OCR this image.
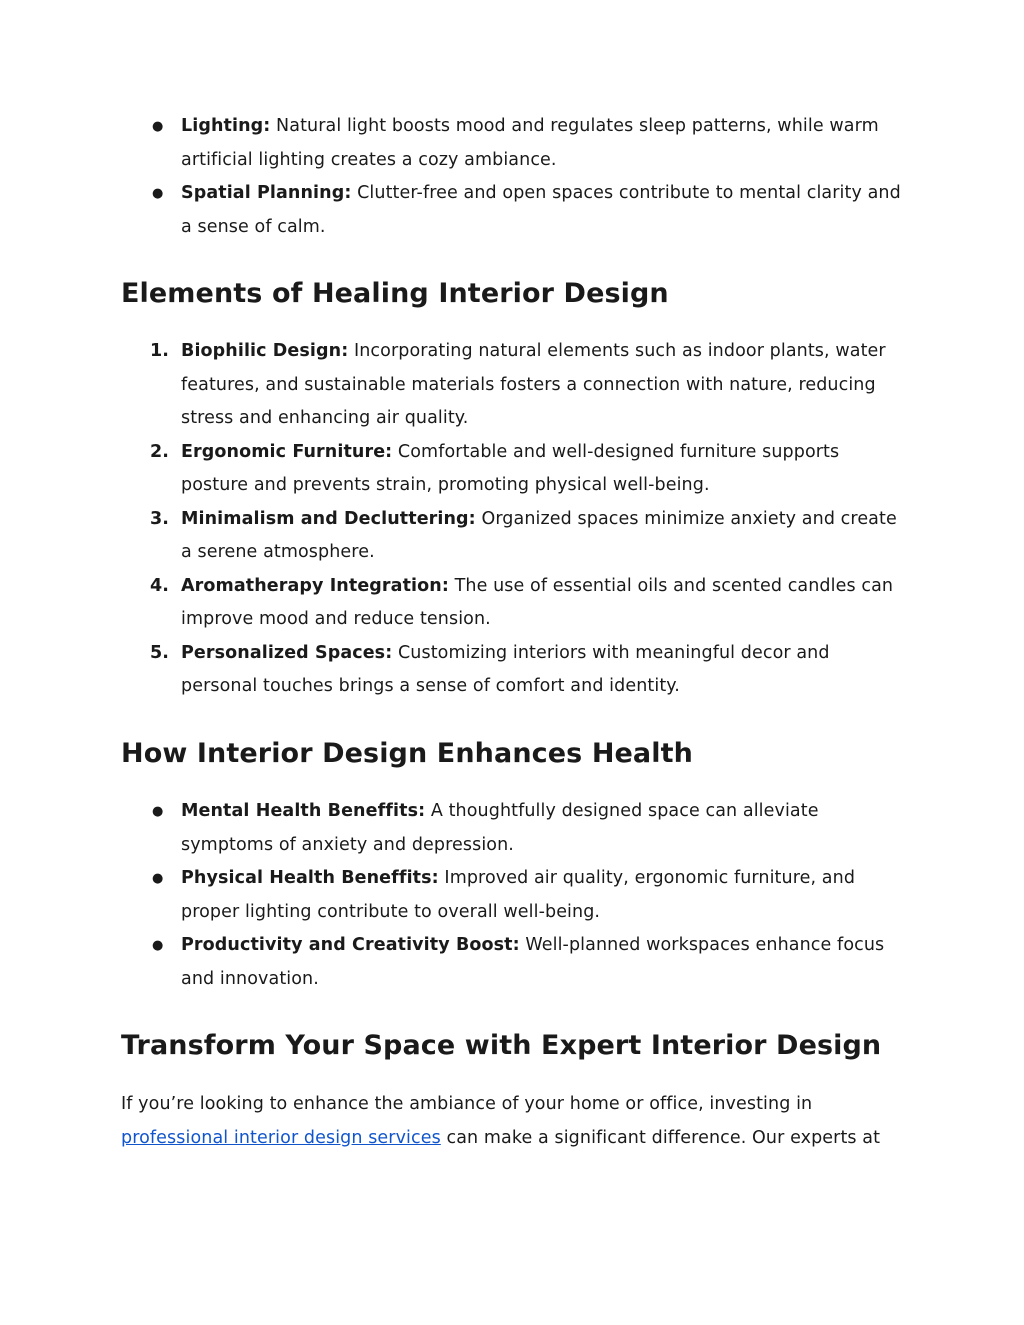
● Lighting: Natural light boosts mood and regulates sleep patterns, while warm artificial lighting creates a cozy ambiance.
● Spatial Planning: Clutter-free and open spaces contribute to mental clarity and a sense of calm.
Elements of Healing Interior Design
1. Biophilic Design: Incorporating natural elements such as indoor plants, water features, and sustainable materials fosters a connection with nature, reducing stress and enhancing air quality.
2. Ergonomic Furniture: Comfortable and well-designed furniture supports posture and prevents strain, promoting physical well-being.
3. Minimalism and Decluttering: Organized spaces minimize anxiety and create a serene atmosphere.
4. Aromatherapy Integration: The use of essential oils and scented candles can improve mood and reduce tension.
5. Personalized Spaces: Customizing interiors with meaningful decor and personal touches brings a sense of comfort and identity.
How Interior Design Enhances Health
● Mental Health Beneffits: A thoughtfully designed space can alleviate symptoms of anxiety and depression.
● Physical Health Beneffits: Improved air quality, ergonomic furniture, and proper lighting contribute to overall well-being.
● Productivity and Creativity Boost: Well-planned workspaces enhance focus and innovation.
Transform Your Space with Expert Interior Design

If you’re looking to enhance the ambiance of your home or office, investing in professional interior design services can make a significant difference. Our experts at
